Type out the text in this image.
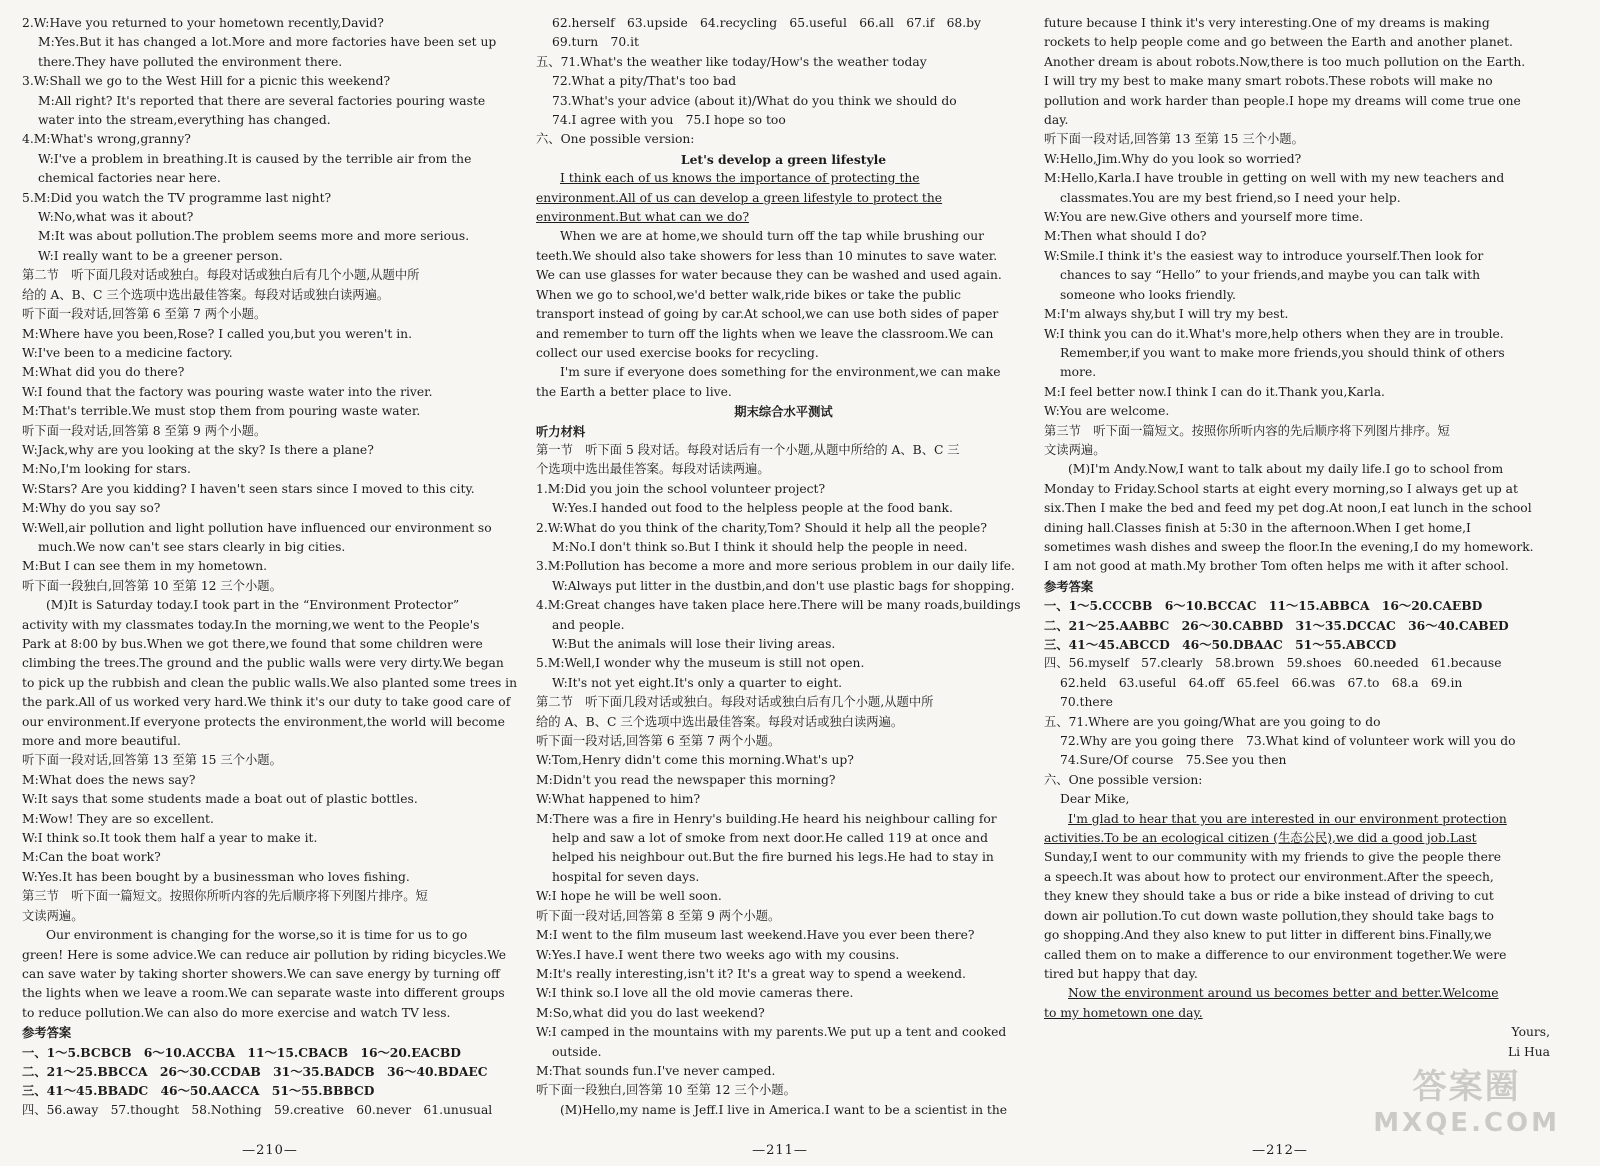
2.W:Have you returned to your hometown recently,David?
M:Yes.But it has changed a lot.More and more factories have been set up
there.They have polluted the environment there.
3.W:Shall we go to the West Hill for a picnic this weekend?
M:All right? It's reported that there are several factories pouring waste
water into the stream,everything has changed.
4.M:What's wrong,granny?
W:I've a problem in breathing.It is caused by the terrible air from the
chemical factories near here.
5.M:Did you watch the TV programme last night?
W:No,what was it about?
M:It was about pollution.The problem seems more and more serious.
W:I really want to be a greener person.
第二节　听下面几段对话或独白。每段对话或独白后有几个小题,从题中所
给的 A、B、C 三个选项中选出最佳答案。每段对话或独白读两遍。
听下面一段对话,回答第 6 至第 7 两个小题。
M:Where have you been,Rose? I called you,but you weren't in.
W:I've been to a medicine factory.
M:What did you do there?
W:I found that the factory was pouring waste water into the river.
M:That's terrible.We must stop them from pouring waste water.
听下面一段对话,回答第 8 至第 9 两个小题。
W:Jack,why are you looking at the sky? Is there a plane?
M:No,I'm looking for stars.
W:Stars? Are you kidding? I haven't seen stars since I moved to this city.
M:Why do you say so?
W:Well,air pollution and light pollution have influenced our environment so
much.We now can't see stars clearly in big cities.
M:But I can see them in my hometown.
听下面一段独白,回答第 10 至第 12 三个小题。
(M)It is Saturday today.I took part in the “Environment Protector”
activity with my classmates today.In the morning,we went to the People's
Park at 8:00 by bus.When we got there,we found that some children were
climbing the trees.The ground and the public walls were very dirty.We began
to pick up the rubbish and clean the public walls.We also planted some trees in
the park.All of us worked very hard.We think it's our duty to take good care of
our environment.If everyone protects the environment,the world will become
more and more beautiful.
听下面一段对话,回答第 13 至第 15 三个小题。
M:What does the news say?
W:It says that some students made a boat out of plastic bottles.
M:Wow! They are so excellent.
W:I think so.It took them half a year to make it.
M:Can the boat work?
W:Yes.It has been bought by a businessman who loves fishing.
第三节　听下面一篇短文。按照你所听内容的先后顺序将下列图片排序。短
文读两遍。
Our environment is changing for the worse,so it is time for us to go
green! Here is some advice.We can reduce air pollution by riding bicycles.We
can save water by taking shorter showers.We can save energy by turning off
the lights when we leave a room.We can separate waste into different groups
to reduce pollution.We can also do more exercise and watch TV less.
参考答案
一、1～5.BCBCB　6～10.ACCBA　11～15.CBACB　16～20.EACBD
二、21～25.BBCCA　26～30.CCDAB　31～35.BADCB　36～40.BDAEC
三、41～45.BBADC　46～50.AACCA　51～55.BBBCD
四、56.away　57.thought　58.Nothing　59.creative　60.never　61.unusual
62.herself　63.upside　64.recycling　65.useful　66.all　67.if　68.by
69.turn　70.it
五、71.What's the weather like today/How's the weather today
72.What a pity/That's too bad
73.What's your advice (about it)/What do you think we should do
74.I agree with you　75.I hope so too
六、One possible version:
Let's develop a green lifestyle
I think each of us knows the importance of protecting the
environment.All of us can develop a green lifestyle to protect the
environment.But what can we do?
When we are at home,we should turn off the tap while brushing our
teeth.We should also take showers for less than 10 minutes to save water.
We can use glasses for water because they can be washed and used again.
When we go to school,we'd better walk,ride bikes or take the public
transport instead of going by car.At school,we can use both sides of paper
and remember to turn off the lights when we leave the classroom.We can
collect our used exercise books for recycling.
I'm sure if everyone does something for the environment,we can make
the Earth a better place to live.
期末综合水平测试
听力材料
第一节　听下面 5 段对话。每段对话后有一个小题,从题中所给的 A、B、C 三
个选项中选出最佳答案。每段对话读两遍。
1.M:Did you join the school volunteer project?
W:Yes.I handed out food to the helpless people at the food bank.
2.W:What do you think of the charity,Tom? Should it help all the people?
M:No.I don't think so.But I think it should help the people in need.
3.M:Pollution has become a more and more serious problem in our daily life.
W:Always put litter in the dustbin,and don't use plastic bags for shopping.
4.M:Great changes have taken place here.There will be many roads,buildings
and people.
W:But the animals will lose their living areas.
5.M:Well,I wonder why the museum is still not open.
W:It's not yet eight.It's only a quarter to eight.
第二节　听下面几段对话或独白。每段对话或独白后有几个小题,从题中所
给的 A、B、C 三个选项中选出最佳答案。每段对话或独白读两遍。
听下面一段对话,回答第 6 至第 7 两个小题。
W:Tom,Henry didn't come this morning.What's up?
M:Didn't you read the newspaper this morning?
W:What happened to him?
M:There was a fire in Henry's building.He heard his neighbour calling for
help and saw a lot of smoke from next door.He called 119 at once and
helped his neighbour out.But the fire burned his legs.He had to stay in
hospital for seven days.
W:I hope he will be well soon.
听下面一段对话,回答第 8 至第 9 两个小题。
M:I went to the film museum last weekend.Have you ever been there?
W:Yes.I have.I went there two weeks ago with my cousins.
M:It's really interesting,isn't it? It's a great way to spend a weekend.
W:I think so.I love all the old movie cameras there.
M:So,what did you do last weekend?
W:I camped in the mountains with my parents.We put up a tent and cooked
outside.
M:That sounds fun.I've never camped.
听下面一段独白,回答第 10 至第 12 三个小题。
(M)Hello,my name is Jeff.I live in America.I want to be a scientist in the
future because I think it's very interesting.One of my dreams is making
rockets to help people come and go between the Earth and another planet.
Another dream is about robots.Now,there is too much pollution on the Earth.
I will try my best to make many smart robots.These robots will make no
pollution and work harder than people.I hope my dreams will come true one
day.
听下面一段对话,回答第 13 至第 15 三个小题。
W:Hello,Jim.Why do you look so worried?
M:Hello,Karla.I have trouble in getting on well with my new teachers and
classmates.You are my best friend,so I need your help.
W:You are new.Give others and yourself more time.
M:Then what should I do?
W:Smile.I think it's the easiest way to introduce yourself.Then look for
chances to say “Hello” to your friends,and maybe you can talk with
someone who looks friendly.
M:I'm always shy,but I will try my best.
W:I think you can do it.What's more,help others when they are in trouble.
Remember,if you want to make more friends,you should think of others
more.
M:I feel better now.I think I can do it.Thank you,Karla.
W:You are welcome.
第三节　听下面一篇短文。按照你所听内容的先后顺序将下列图片排序。短
文读两遍。
(M)I'm Andy.Now,I want to talk about my daily life.I go to school from
Monday to Friday.School starts at eight every morning,so I always get up at
six.Then I make the bed and feed my pet dog.At noon,I eat lunch in the school
dining hall.Classes finish at 5:30 in the afternoon.When I get home,I
sometimes wash dishes and sweep the floor.In the evening,I do my homework.
I am not good at math.My brother Tom often helps me with it after school.
参考答案
一、1～5.CCCBB　6～10.BCCAC　11～15.ABBCA　16～20.CAEBD
二、21～25.AABBC　26～30.CABBD　31～35.DCCAC　36～40.CABED
三、41～45.ABCCD　46～50.DBAAC　51～55.ABCCD
四、56.myself　57.clearly　58.brown　59.shoes　60.needed　61.because
62.held　63.useful　64.off　65.feel　66.was　67.to　68.a　69.in
70.there
五、71.Where are you going/What are you going to do
72.Why are you going there　73.What kind of volunteer work will you do
74.Sure/Of course　75.See you then
六、One possible version:
Dear Mike,
I'm glad to hear that you are interested in our environment protection
activities.To be an ecological citizen (生态公民),we did a good job.Last
Sunday,I went to our community with my friends to give the people there
a speech.It was about how to protect our environment.After the speech,
they knew they should take a bus or ride a bike instead of driving to cut
down air pollution.To cut down waste pollution,they should take bags to
go shopping.And they also knew to put litter in different bins.Finally,we
called them on to make a difference to our environment together.We were
tired but happy that day.
Now the environment around us becomes better and better.Welcome
to my hometown one day.
Yours,
Li Hua
—210—	—211—	—212—
答案圈
MXQE.COM
